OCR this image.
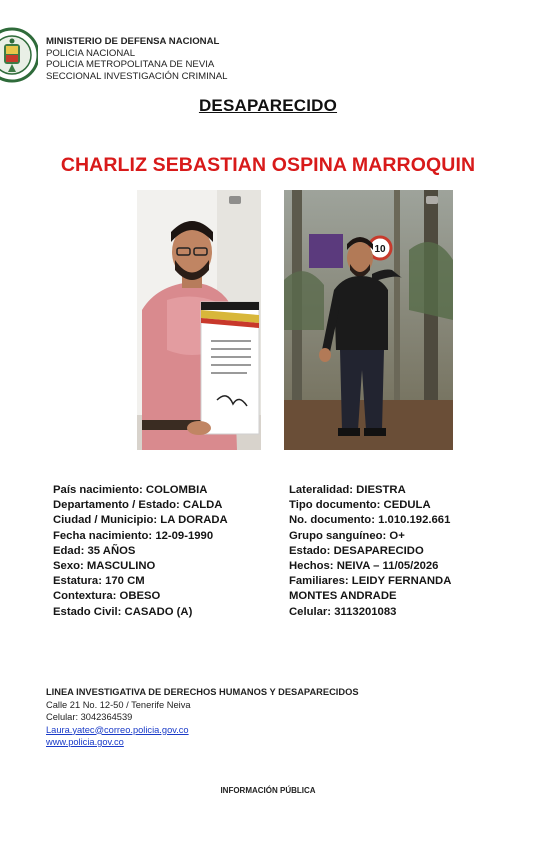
MINISTERIO DE DEFENSA NACIONAL
POLICIA NACIONAL
POLICIA METROPOLITANA DE NEVIA
SECCIONAL INVESTIGACIÓN CRIMINAL
DESAPARECIDO
CHARLIZ SEBASTIAN OSPINA MARROQUIN
10
País nacimiento: COLOMBIA
Departamento / Estado: CALDA
Ciudad / Municipio: LA DORADA
Fecha nacimiento: 12-09-1990
Edad: 35 AÑOS
Sexo: MASCULINO
Estatura: 170 CM
Contextura: OBESO
Estado Civil: CASADO (A)
Lateralidad: DIESTRA
Tipo documento: CEDULA
No. documento: 1.010.192.661
Grupo sanguíneo: O+
Estado: DESAPARECIDO
Hechos: NEIVA – 11/05/2026
Familiares: LEIDY FERNANDA
MONTES ANDRADE
Celular: 3113201083
LINEA INVESTIGATIVA DE DERECHOS HUMANOS Y DESAPARECIDOS
Calle 21 No. 12-50 / Tenerife Neiva
Celular: 3042364539
Laura.yatec@correo.policia.gov.co
www.policia.gov.co
INFORMACIÓN PÚBLICA
